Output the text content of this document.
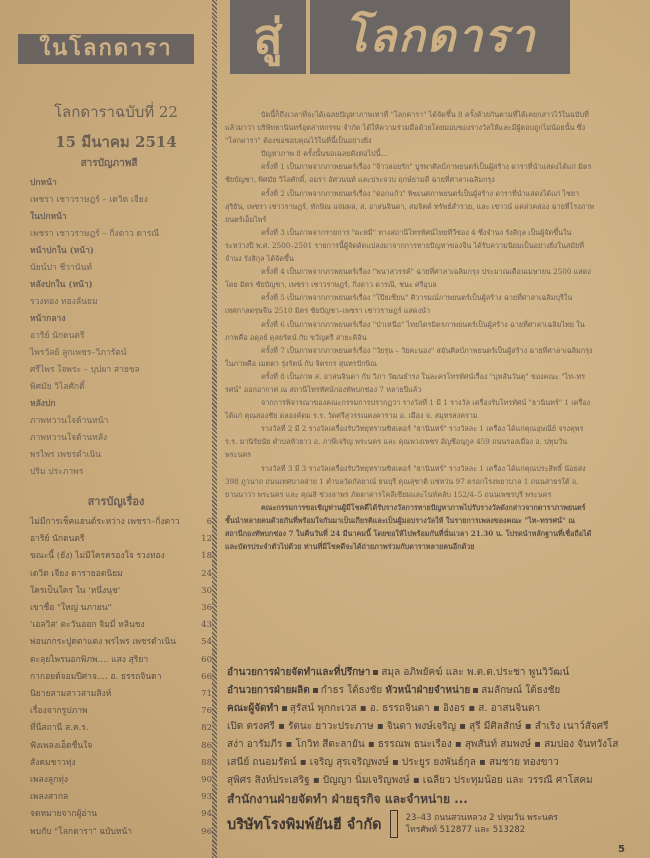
ในโลกดารา
โลกดาราฉบับที่ 22
15 มีนาคม 2514
สารบัญภาพสี
ปกหน้า
เพชรา เชาวราษฎร์ – เดวิด เจียง
ในปกหน้า
เพชรา เชาวราษฎร์ – กิ่งดาว ดารณี
หน้าปกใน (หน้า)
นัยน์ปา ชีวานันท์
หลังปกใน (หน้า)
รวงทอง ทองลั่นธม
หน้ากลาง
อาริย์ นักดนตรี
ไพรวัลย์ ลูกเพชร–วิภารัตน์
ศรีไพร ใจพระ – บุปผา สายชล
พิศมัย วิไลศักดิ์
หลังปก
ภาพหวานใจด้านหน้า
ภาพหวานใจด้านหลัง
พรไพร เพชรดำเนิน
ปริม ประภาพร
สารบัญเรื่อง
ไม่มีการเช็คแฮนด์ระหว่าง เพชรา–กิ่งดาว	6
อาริย์ นักดนตรี	12
ขณะนี้ (ยัง) ไม่มีใครครองใจ รวงทอง	18
เดวิด เจียง ดารายอดนิยม	24
ใครเป็นใคร ใน 'หนึ่งนุช'	30
เขาชื่อ "ใหญ่ นภายน"	36
'เอลวิส' ตะวันออก จิมมี่ หลินชง	43
พ่อนกกระปูดตาแดง พรไพร เพชรดำเนิน	54
ตะลุยไพรนอกพิภพ.... แสง สุริยา	60
กากอยด์จอมปีศาจ.... อ. ธรรถจินดา	66
นิยายสามสาวสามสิงห์	71
เรื่องจากรูปภาพ	76
ที่นี่สถานี ส.ค.ร.	82
ฟังเพลงเอ็ดชื่นใจ	86
สังคมชาวทุ่ง	88
เพลงลูกทุ่ง	90
เพลงสากล	93
จดหมายจากผู้อ่าน	94
พบกับ "โลกดารา" ฉบับหน้า	96
สู่	โลกดารา

บัดนี้ก็ถึงเวลาที่จะได้เฉลยปัญหาภาพเท่าที่ "โลกดารา" ได้จัดขึ้น 8 ครั้งด้วยกันตามที่ได้เคยกล่าวไว้ในฉบับที่แล้วมาว่า บริษัทธานินทร์อุตสาหกรรม จำกัด ได้ให้ความร่วมมือด้วยโดยมอบของรางวัลให้และมีผู้ตอบถูกไม่น้อยนั้น ซึ่ง "โลกดารา" ต้องขอขอบคุณไว้ในที่นี้เป็นอย่างยิ่ง

ปัญหาภาพ 8 ครั้งนั้นขอเฉลยดังต่อไปนี้...

ครั้งที่ 1 เป็นภาพจากภาพยนตร์เรื่อง "จ้าวลอยรัก" บูรพาศิลป์ภาพยนตร์เป็นผู้สร้าง ดาราที่นำแสดงได้แก่ มิตร ชัยบัญชา, พิศมัย วิไลศักดิ์, อมรา อัศวนนท์ และประจวบ ฤกษ์ยามดี ฉายที่ศาลาเฉลิมกรุง

ครั้งที่ 2 เป็นภาพจากภาพยนตร์เรื่อง "ดอกแก้ว" พิฆเนศภาพยนตร์เป็นผู้สร้าง ดาราที่นำแสดงได้แก่ ไชยา สุริยัน, เพชรา เชาวราษฎร์, ทักษิณ แจ่มผล, ส. อาสนจินดา, สมจิตต์ ทรัพย์สำรวย, และ เชาวน์ แคล่วคล่อง ฉายที่โรงภาพยนตร์เอ็มไพร์

ครั้งที่ 3 เป็นภาพจากรายการ "ผะหมี" ทางสถานีโทรทัศน์ไทยทีวีช่อง 4 ซึ่งจำนง รังสิกุล เป็นผู้จัดขึ้นในระหว่างปี พ.ศ. 2500–2501 รายการนี้ผู้จัดดัดแปลงมาจากการทายปัญหาของจีน ได้รับความนิยมเป็นอย่างยิ่งในสมัยที่จำนง รังสิกุล ได้จัดขึ้น

ครั้งที่ 4 เป็นภาพจากภาพยนตร์เรื่อง "พนาสวรรค์" ฉายที่ศาลาเฉลิมกรุง ประมาณเดือนเมษายน 2500 แสดงโดย มิตร ชัยบัญชา, เพชรา เชาวราษฎร์, กิ่งดาว ดารณี, ชนะ ศรีอุบล

ครั้งที่ 5 เป็นภาพจากภาพยนตร์เรื่อง "โป๊ยเซียน" ศิวารมณ์ภาพยนตร์เป็นผู้สร้าง ฉายที่ศาลาเฉลิมบุรีในเทศกาลตรุษจีน 2510 มิตร ชัยบัญชา–เพชรา เชาวราษฎร์ แสดงนำ

ครั้งที่ 6 เป็นภาพจากภาพยนตร์เรื่อง "ป่าเหนือ" ไทยไตรมิตรภาพยนตร์เป็นผู้สร้าง ฉายที่ศาลาเฉลิมไทย ในภาพคือ อดุลย์ ดุลยรัตน์ กับ ขวัญตรี สายะคิลิน

ครั้งที่ 7 เป็นภาพจากภาพยนตร์เรื่อง "วัยรุ่น – วัยคะนอง" สมันศิลป์ภาพยนตร์เป็นผู้สร้าง ฉายที่ศาลาเฉลิมกรุง ในภาพคือ เมตตา รุ่งรัตน์ กับ จิตรกร สุนทรปักษิณ

ครั้งที่ 8 เป็นภาพ ส. อาสนจินดา กับ วิภา วัฒนธำรง ในละครโทรทัศน์เรื่อง "บุหลันวันตุ" ของคณะ "ไท–ทรรศน์" ออกอากาศ ณ สถานีโทรทัศน์กองทัพบกช่อง 7 หลายปีแล้ว

จากการพิจารณาของคณะกรรมการปรากฏว่า รางวัลที่ 1 มี 1 รางวัล เครื่องรับโทรทัศน์ "ธานินทร์" 1 เครื่อง ได้แก่ คุณสองชัย ดลองค์ดม ร.ร. วัดศรีสุวรรณคงคาราม อ. เมือง จ. สมุทรสงคราม

รางวัลที่ 2 มี 2 รางวัลเครื่องรับวิทยุทรานซิสเตอร์ "ธานินทร์" รางวัลละ 1 เครื่อง ได้แก่คุณอุษณีย์ จรงคุพร ร.ร. มานิรัยนัย ตำบลหัวยาว อ. ภาษีเจริญ พระนคร และ คุณพวงเพชร อัญชีอนุกูล 459 ถนนรองเมือง อ. ปทุมวัน พระนคร

รางวัลที่ 3 มี 3 รางวัลเครื่องรับวิทยุทรานซิสเตอร์ "ธานินทร์" รางวัลละ 1 เครื่อง ได้แก่คุณประสิทธิ์ น้อยสง 398 ภูวนาถ ถนนเทศบาลสาย 1 ตำบลวัดกัลยาณ์ ธนบุรี คุณสุชาติ แซ่หว่น 97 ตรอกโรงพยาบาล 1 ถนนสาธรใต้ อ. ยานนาวา พระนคร และ คุณสิ ช่วงลาพร ภัตตาคารโคลีเซียมและไนท์คลับ 152/4–5 ถนนเพชรบุรี พระนคร

คณะกรรมการขอเชิญท่านผู้มีโชคดีได้รับรางวัลการทายปัญหาภาพไปรับรางวัลดังกล่าวจากดาราภาพยนตร์ชั้นนำหลายคนด้วยกันที่พร้อมใจกันมาเป็นเกียรติและเป็นผู้มอบรางวัลให้ ในรายการเพลงของคณะ "ไท–ทรรศน์" ณ สถานีกองทัพบกช่อง 7 ในคืนวันที่ 24 มีนาคมนี้ โดยขอให้ไปพร้อมกันที่นั่นเวลา 21.30 น. โปรดนำหลักฐานที่เชื่อถือได้และบัตรประจำตัวไปด้วย ท่านที่มีโชคดีจะได้ถ่ายภาพร่วมกับดาราหลายคนอีกด้วย

อำนวยการฝ่ายจัดทำและที่ปรึกษา สมุล อภิพยัคฆ์ และ พ.ต.ต.ประชา พูนวิวัฒน์
อำนวยการฝ่ายผลิต กำธร ใต้ธงชัย หัวหน้าฝ่ายจำหน่าย สมลักษณ์ ใต้ธงชัย
คณะผู้จัดทำ สุรัสน์ พุกกะเวส ▪ อ. ธรรถจินดา ▪ อิงอร ▪ ส. อาสนจินดา
เปิด ตรงศรี ▪ รัตนะ ยาวะประภาษ ▪ จินดา พงษ์เจริญ ▪ สุรี มีศิลสักษ์ ▪ สำเริง เนาว์สัจศรี
สง่า อารัมภีร ▪ โกวิท สีตะลายัน ▪ ธรรณพ ธนะเรือง ▪ สุพสันท์ สมพงษ์ ▪ สมปอง จันทวังโส
เสนีย์ ถนอมรัตน์ ▪ เจริญ สุรเจริญพงษ์ ▪ ประยูร ยงพันธ์กุล ▪ สมชาย ทองขาว
สุพิศร สิงห์ประเสริฐ ▪ ปัญญา นิ่มเจริญพงษ์ ▪ เฉลียว ประทุมน้อย และ วรรณี ศาโสคม
สำนักงานฝ่ายจัดทำ ฝ่ายธุรกิจ และจำหน่าย ...
บริษัทโรงพิมพ์ยันฮี จำกัด	23–43 ถนนสวนหลวง 2 ปทุมวัน พระนคร
โทรศัพท์ 512877 และ 513282
5
